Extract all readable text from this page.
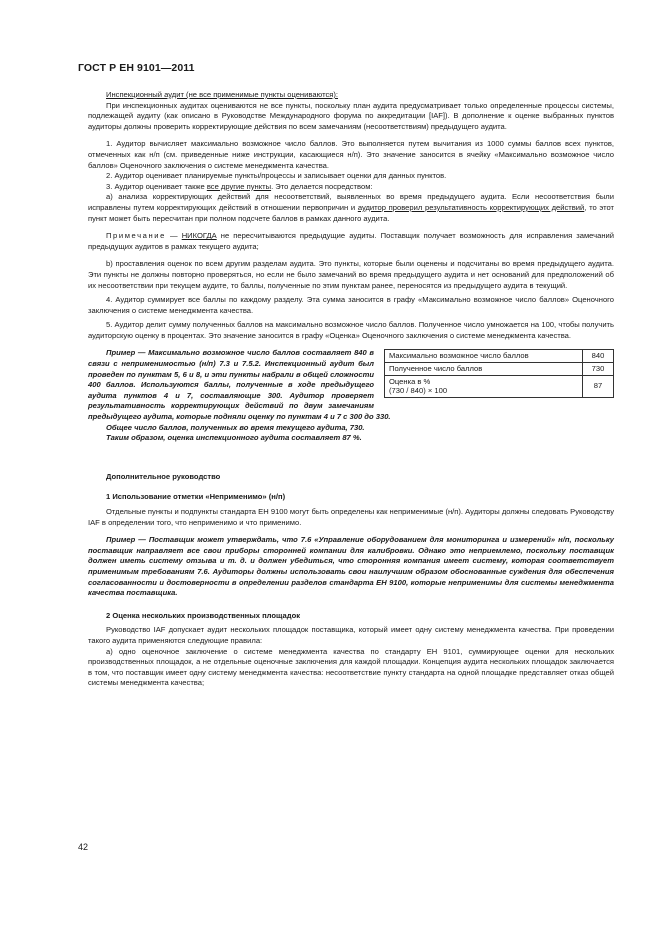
ГОСТ Р ЕН 9101—2011

Инспекционный аудит (не все применимые пункты оцениваются):

При инспекционных аудитах оцениваются не все пункты, поскольку план аудита предусматривает только определенные процессы системы, подлежащей аудиту (как описано в Руководстве Международного форума по аккредитации [IAF]). В дополнение к оценке выбранных пунктов аудиторы должны проверить корректирующие действия по всем замечаниям (несоответствиям) предыдущего аудита.

1. Аудитор вычисляет максимально возможное число баллов. Это выполняется путем вычитания из 1000 суммы баллов всех пунктов, отмеченных как н/п (см. приведенные ниже инструкции, касающиеся н/п). Это значение заносится в ячейку «Максимально возможное число баллов» Оценочного заключения о системе менеджмента качества.

2. Аудитор оценивает планируемые пункты/процессы и записывает оценки для данных пунктов.

3. Аудитор оценивает также все другие пункты. Это делается посредством:

a) анализа корректирующих действий для несоответствий, выявленных во время предыдущего аудита. Если несоответствия были исправлены путем корректирующих действий в отношении первопричин и аудитор проверил результативность корректирующих действий, то этот пункт может быть пересчитан при полном подсчете баллов в рамках данного аудита.

Примечание — НИКОГДА не пересчитываются предыдущие аудиты. Поставщик получает возможность для исправления замечаний предыдущих аудитов в рамках текущего аудита;

b) проставления оценок по всем другим разделам аудита. Это пункты, которые были оценены и подсчитаны во время предыдущего аудита. Эти пункты не должны повторно проверяться, но если не было замечаний во время предыдущего аудита и нет оснований для предположений об их несоответствии при текущем аудите, то баллы, полученные по этим пунктам ранее, переносятся из предыдущего аудита в текущий.

4. Аудитор суммирует все баллы по каждому разделу. Эта сумма заносится в графу «Максимально возможное число баллов» Оценочного заключения о системе менеджмента качества.

5. Аудитор делит сумму полученных баллов на максимально возможное число баллов. Полученное число умножается на 100, чтобы получить аудиторскую оценку в процентах. Это значение заносится в графу «Оценка» Оценочного заключения о системе менеджмента качества.

Максимально возможное число баллов	840
Полученное число баллов	730
Оценка в %
(730 / 840) × 100	87

Пример — Максимально возможное число баллов составляет 840 в связи с неприменимостью (н/п) 7.3 и 7.5.2. Инспекционный аудит был проведен по пунктам 5, 6 и 8, и эти пункты набрали в общей сложности 400 баллов. Используются баллы, полученные в ходе предыдущего аудита пунктов 4 и 7, составляющие 300. Аудитор проверяет результативность корректирующих действий по двум замечаниям предыдущего аудита, которые подняли оценку по пунктам 4 и 7 с 300 до 330.

Общее число баллов, полученных во время текущего аудита, 730.

Таким образом, оценка инспекционного аудита составляет 87 %.

Дополнительное руководство

1 Использование отметки «Неприменимо» (н/п)

Отдельные пункты и подпункты стандарта ЕН 9100 могут быть определены как неприменимые (н/п). Аудиторы должны следовать Руководству IAF в определении того, что неприменимо и что применимо.

Пример — Поставщик может утверждать, что 7.6 «Управление оборудованием для мониторинга и измерений» н/п, поскольку поставщик направляет все свои приборы сторонней компании для калибровки. Однако это неприемлемо, поскольку поставщик должен иметь систему отзыва и т. д. и должен убедиться, что сторонняя компания имеет систему, которая соответствует применимым требованиям 7.6. Аудиторы должны использовать свои наилучшим образом обоснованные суждения для обеспечения согласованности и достоверности в определении разделов стандарта ЕН 9100, которые неприменимы для системы менеджмента качества поставщика.

2 Оценка нескольких производственных площадок

Руководство IAF допускает аудит нескольких площадок поставщика, который имеет одну систему менеджмента качества. При проведении такого аудита применяются следующие правила:

а) одно оценочное заключение о системе менеджмента качества по стандарту ЕН 9101, суммирующее оценки для нескольких производственных площадок, а не отдельные оценочные заключения для каждой площадки. Концепция аудита нескольких площадок заключается в том, что поставщик имеет одну систему менеджмента качества: несоответствие пункту стандарта на одной площадке представляет отказ общей системы менеджмента качества;

42
